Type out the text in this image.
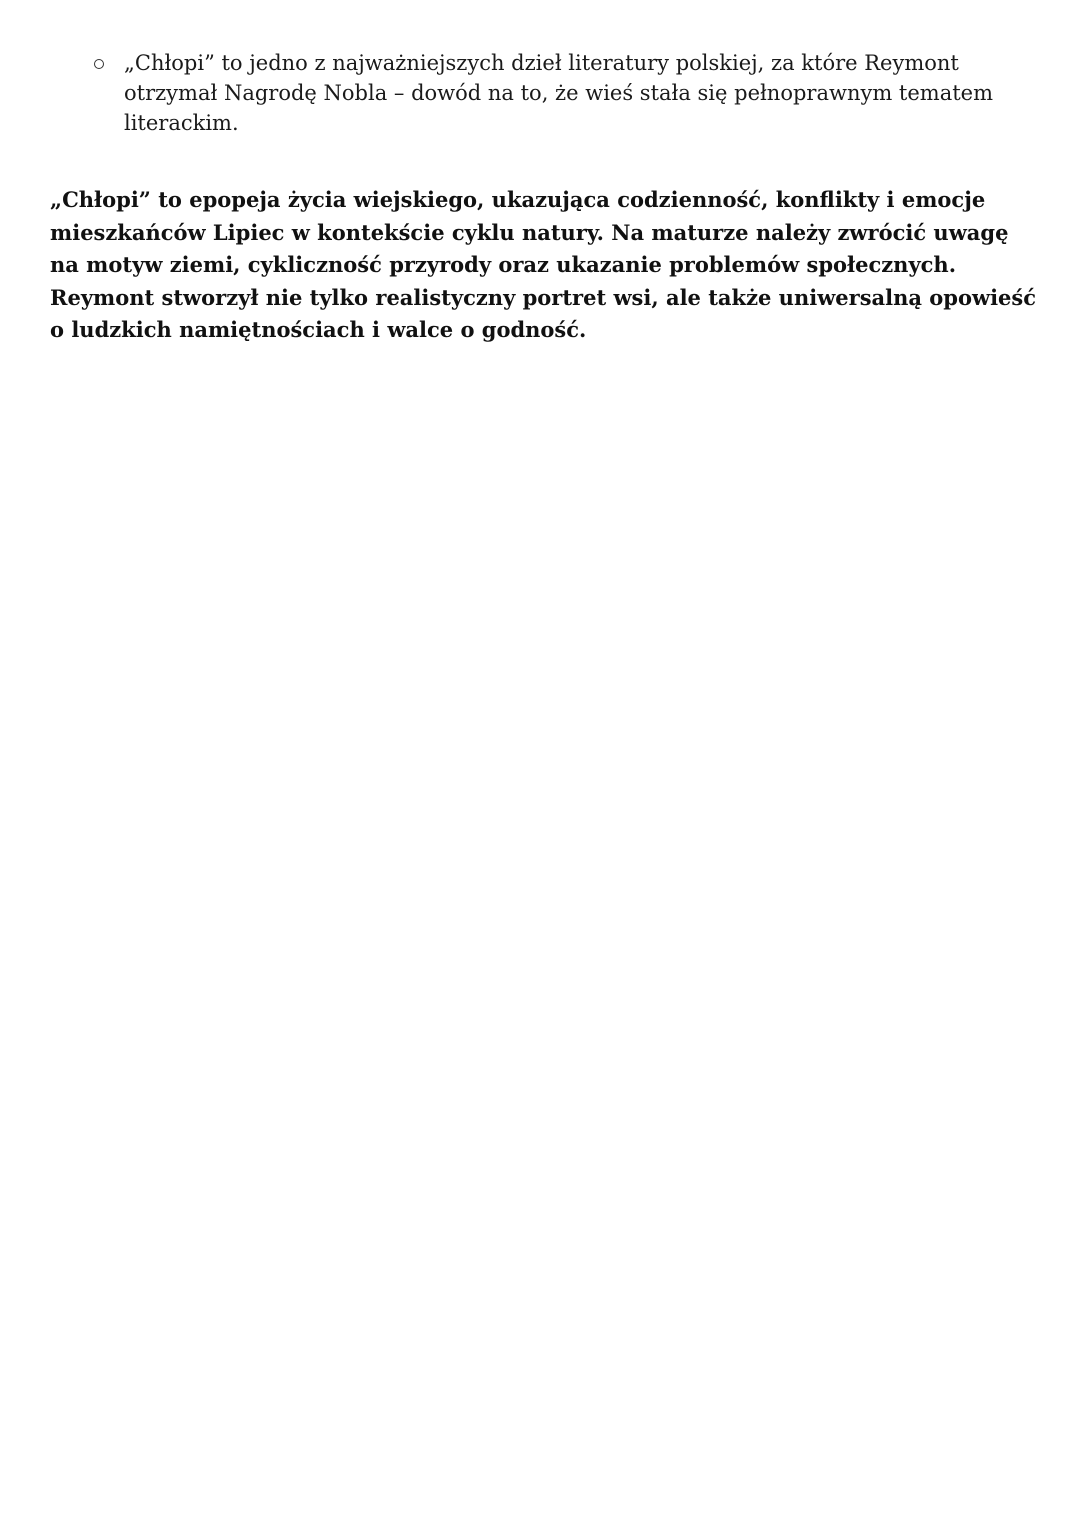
„Chłopi” to jedno z najważniejszych dzieł literatury polskiej, za które Reymont otrzymał Nagrodę Nobla – dowód na to, że wieś stała się pełnoprawnym tematem literackim.

„Chłopi” to epopeja życia wiejskiego, ukazująca codzienność, konflikty i emocje mieszkańców Lipiec w kontekście cyklu natury. Na maturze należy zwrócić uwagę na motyw ziemi, cykliczność przyrody oraz ukazanie problemów społecznych. Reymont stworzył nie tylko realistyczny portret wsi, ale także uniwersalną opowieść o ludzkich namiętnościach i walce o godność.
